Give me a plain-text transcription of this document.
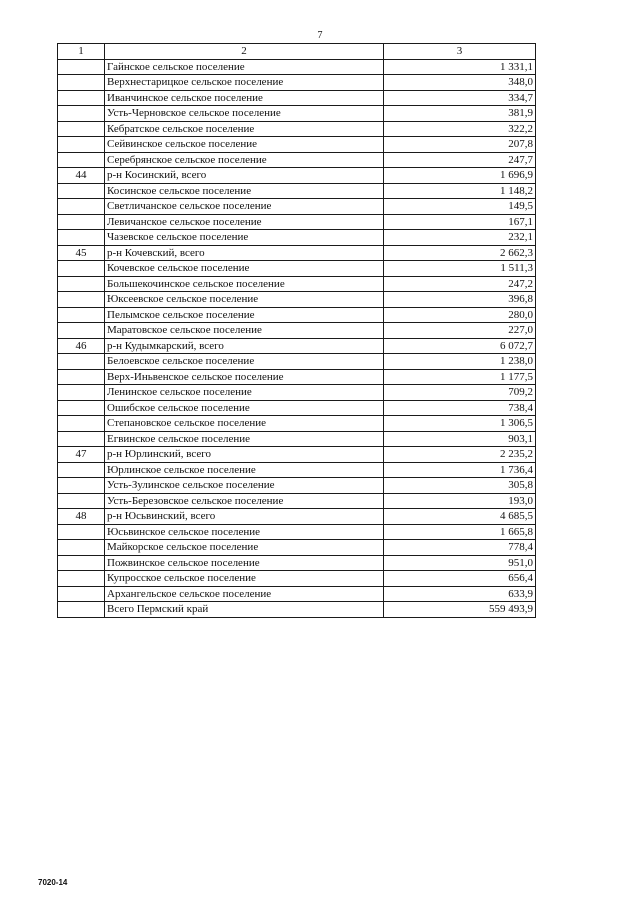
7
1	2	3
	Гайнское сельское поселение	1 331,1
	Верхнестарицкое сельское поселение	348,0
	Иванчинское сельское поселение	334,7
	Усть-Черновское сельское поселение	381,9
	Кебратское сельское поселение	322,2
	Сейвинское сельское поселение	207,8
	Серебрянское сельское поселение	247,7
44	р-н Косинский, всего	1 696,9
	Косинское сельское поселение	1 148,2
	Светличанское сельское поселение	149,5
	Левичанское сельское поселение	167,1
	Чазевское сельское поселение	232,1
45	р-н Кочевский, всего	2 662,3
	Кочевское сельское поселение	1 511,3
	Большекочинское сельское поселение	247,2
	Юксеевское сельское поселение	396,8
	Пелымское сельское поселение	280,0
	Маратовское сельское поселение	227,0
46	р-н Кудымкарский, всего	6 072,7
	Белоевское сельское поселение	1 238,0
	Верх-Иньвенское сельское поселение	1 177,5
	Ленинское сельское поселение	709,2
	Ошибское сельское поселение	738,4
	Степановское сельское поселение	1 306,5
	Егвинское сельское поселение	903,1
47	р-н Юрлинский, всего	2 235,2
	Юрлинское сельское поселение	1 736,4
	Усть-Зулинское сельское поселение	305,8
	Усть-Березовское сельское поселение	193,0
48	р-н Юсьвинский, всего	4 685,5
	Юсьвинское сельское поселение	1 665,8
	Майкорское сельское поселение	778,4
	Пожвинское сельское поселение	951,0
	Купросское сельское поселение	656,4
	Архангельское сельское поселение	633,9
	Всего Пермский край	559 493,9
7020-14
